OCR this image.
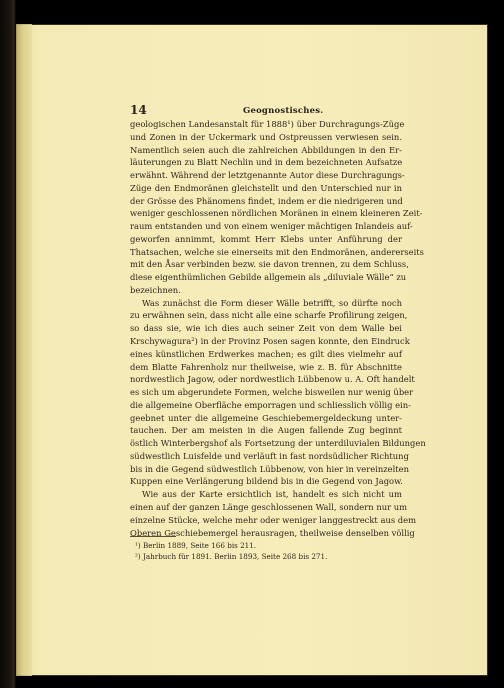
14	Geognostisches.
geologischen Landesanstalt für 1888¹) über Durchragungs-Züge
und Zonen in der Uckermark und Ostpreussen verwiesen sein.
Namentlich seien auch die zahlreichen Abbildungen in den Er-
läuterungen zu Blatt Nechlin und in dem bezeichneten Aufsatze
erwähnt. Während der letztgenannte Autor diese Durchragungs-
Züge den Endmoränen gleichstellt und den Unterschied nur in
der Grösse des Phänomens findet, indem er die niedrigeren und
weniger geschlossenen nördlichen Moränen in einem kleineren Zeit-
raum entstanden und von einem weniger mächtigen Inlandeis auf-
geworfen annimmt, kommt Herr Klebs unter Anführung der
Thatsachen, welche sie einerseits mit den Endmoränen, andererseits
mit den Åsar verbinden bezw. sie davon trennen, zu dem Schluss,
diese eigenthümlichen Gebilde allgemein als „diluviale Wälle“ zu
bezeichnen.
Was zunächst die Form dieser Wälle betrifft, so dürfte noch
zu erwähnen sein, dass nicht alle eine scharfe Profilirung zeigen,
so dass sie, wie ich dies auch seiner Zeit von dem Walle bei
Krschywagura²) in der Provinz Posen sagen konnte, den Eindruck
eines künstlichen Erdwerkes machen; es gilt dies vielmehr auf
dem Blatte Fahrenholz nur theilweise, wie z. B. für Abschnitte
nordwestlich Jagow, oder nordwestlich Lübbenow u. A. Oft handelt
es sich um abgerundete Formen, welche bisweilen nur wenig über
die allgemeine Oberfläche emporragen und schliesslich völlig ein-
geebnet unter die allgemeine Geschiebemergeldeckung unter-
tauchen. Der am meisten in die Augen fallende Zug beginnt
östlich Winterbergshof als Fortsetzung der unterdiluvialen Bildungen
südwestlich Luisfelde und verläuft in fast nordsüdlicher Richtung
bis in die Gegend südwestlich Lübbenow, von hier in vereinzelten
Kuppen eine Verlängerung bildend bis in die Gegend von Jagow.
Wie aus der Karte ersichtlich ist, handelt es sich nicht um
einen auf der ganzen Länge geschlossenen Wall, sondern nur um
einzelne Stücke, welche mehr oder weniger langgestreckt aus dem
Oberen Geschiebemergel herausragen, theilweise denselben völlig
¹) Berlin 1889, Seite 166 bis 211.
²) Jahrbuch für 1891. Berlin 1893, Seite 268 bis 271.
